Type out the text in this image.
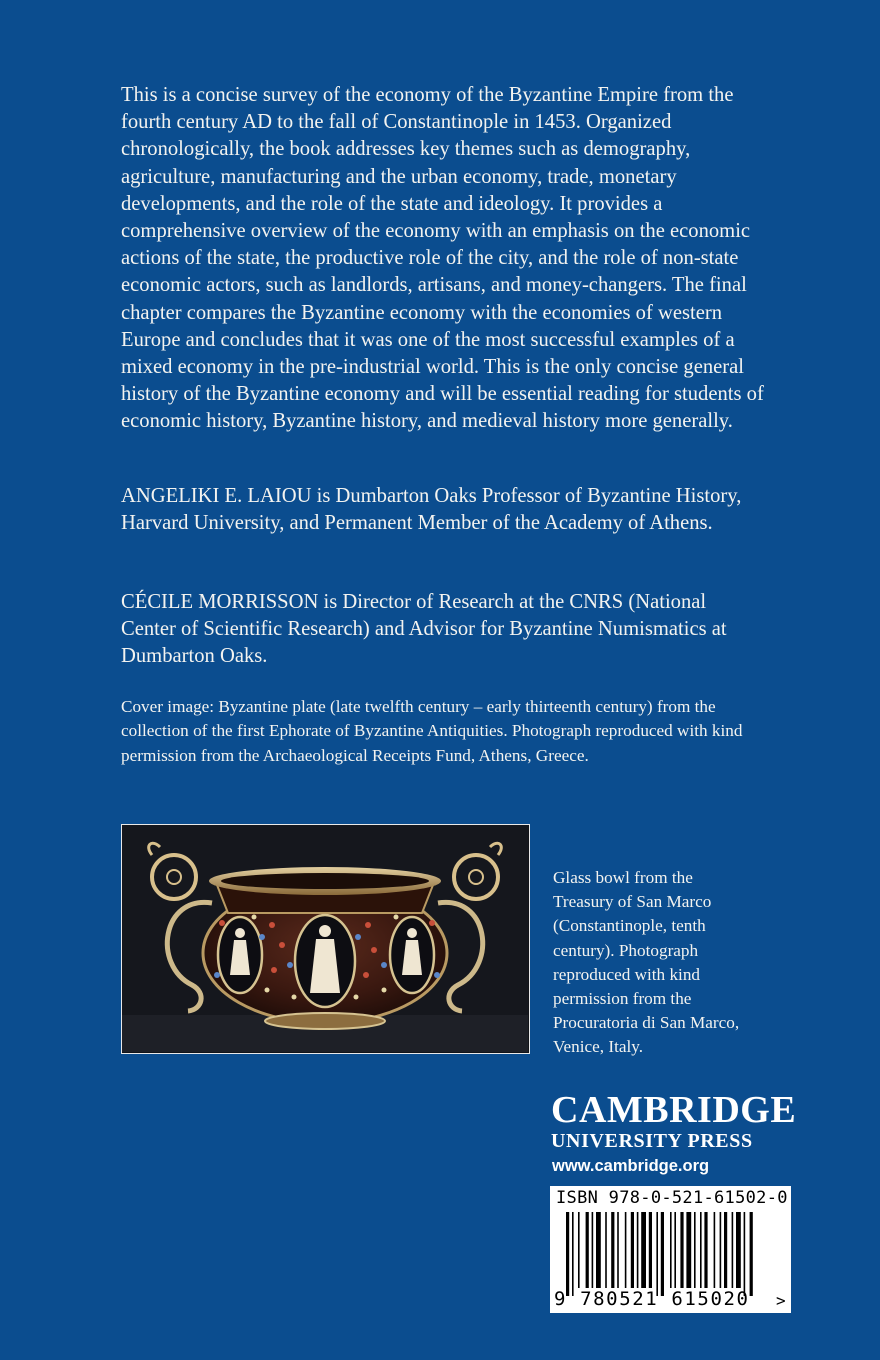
This is a concise survey of the economy of the Byzantine Empire from the fourth century AD to the fall of Constantinople in 1453. Organized chronologically, the book addresses key themes such as demography, agriculture, manufacturing and the urban economy, trade, monetary developments, and the role of the state and ideology. It provides a comprehensive overview of the economy with an emphasis on the economic actions of the state, the productive role of the city, and the role of non-state economic actors, such as landlords, artisans, and money-changers. The final chapter compares the Byzantine economy with the economies of western Europe and concludes that it was one of the most successful examples of a mixed economy in the pre-industrial world. This is the only concise general history of the Byzantine economy and will be essential reading for students of economic history, Byzantine history, and medieval history more generally.

ANGELIKI E. LAIOU is Dumbarton Oaks Professor of Byzantine History, Harvard University, and Permanent Member of the Academy of Athens.

CÉCILE MORRISSON is Director of Research at the CNRS (National Center of Scientific Research) and Advisor for Byzantine Numismatics at Dumbarton Oaks.

Cover image: Byzantine plate (late twelfth century – early thirteenth century) from the collection of the first Ephorate of Byzantine Antiquities. Photograph reproduced with kind permission from the Archaeological Receipts Fund, Athens, Greece.

Glass bowl from the Treasury of San Marco (Constantinople, tenth century). Photograph reproduced with kind permission from the Procuratoria di San Marco, Venice, Italy.

CAMBRIDGE

UNIVERSITY PRESS

www.cambridge.org

ISBN 978-0-521-61502-0
>
9 780521 615020
